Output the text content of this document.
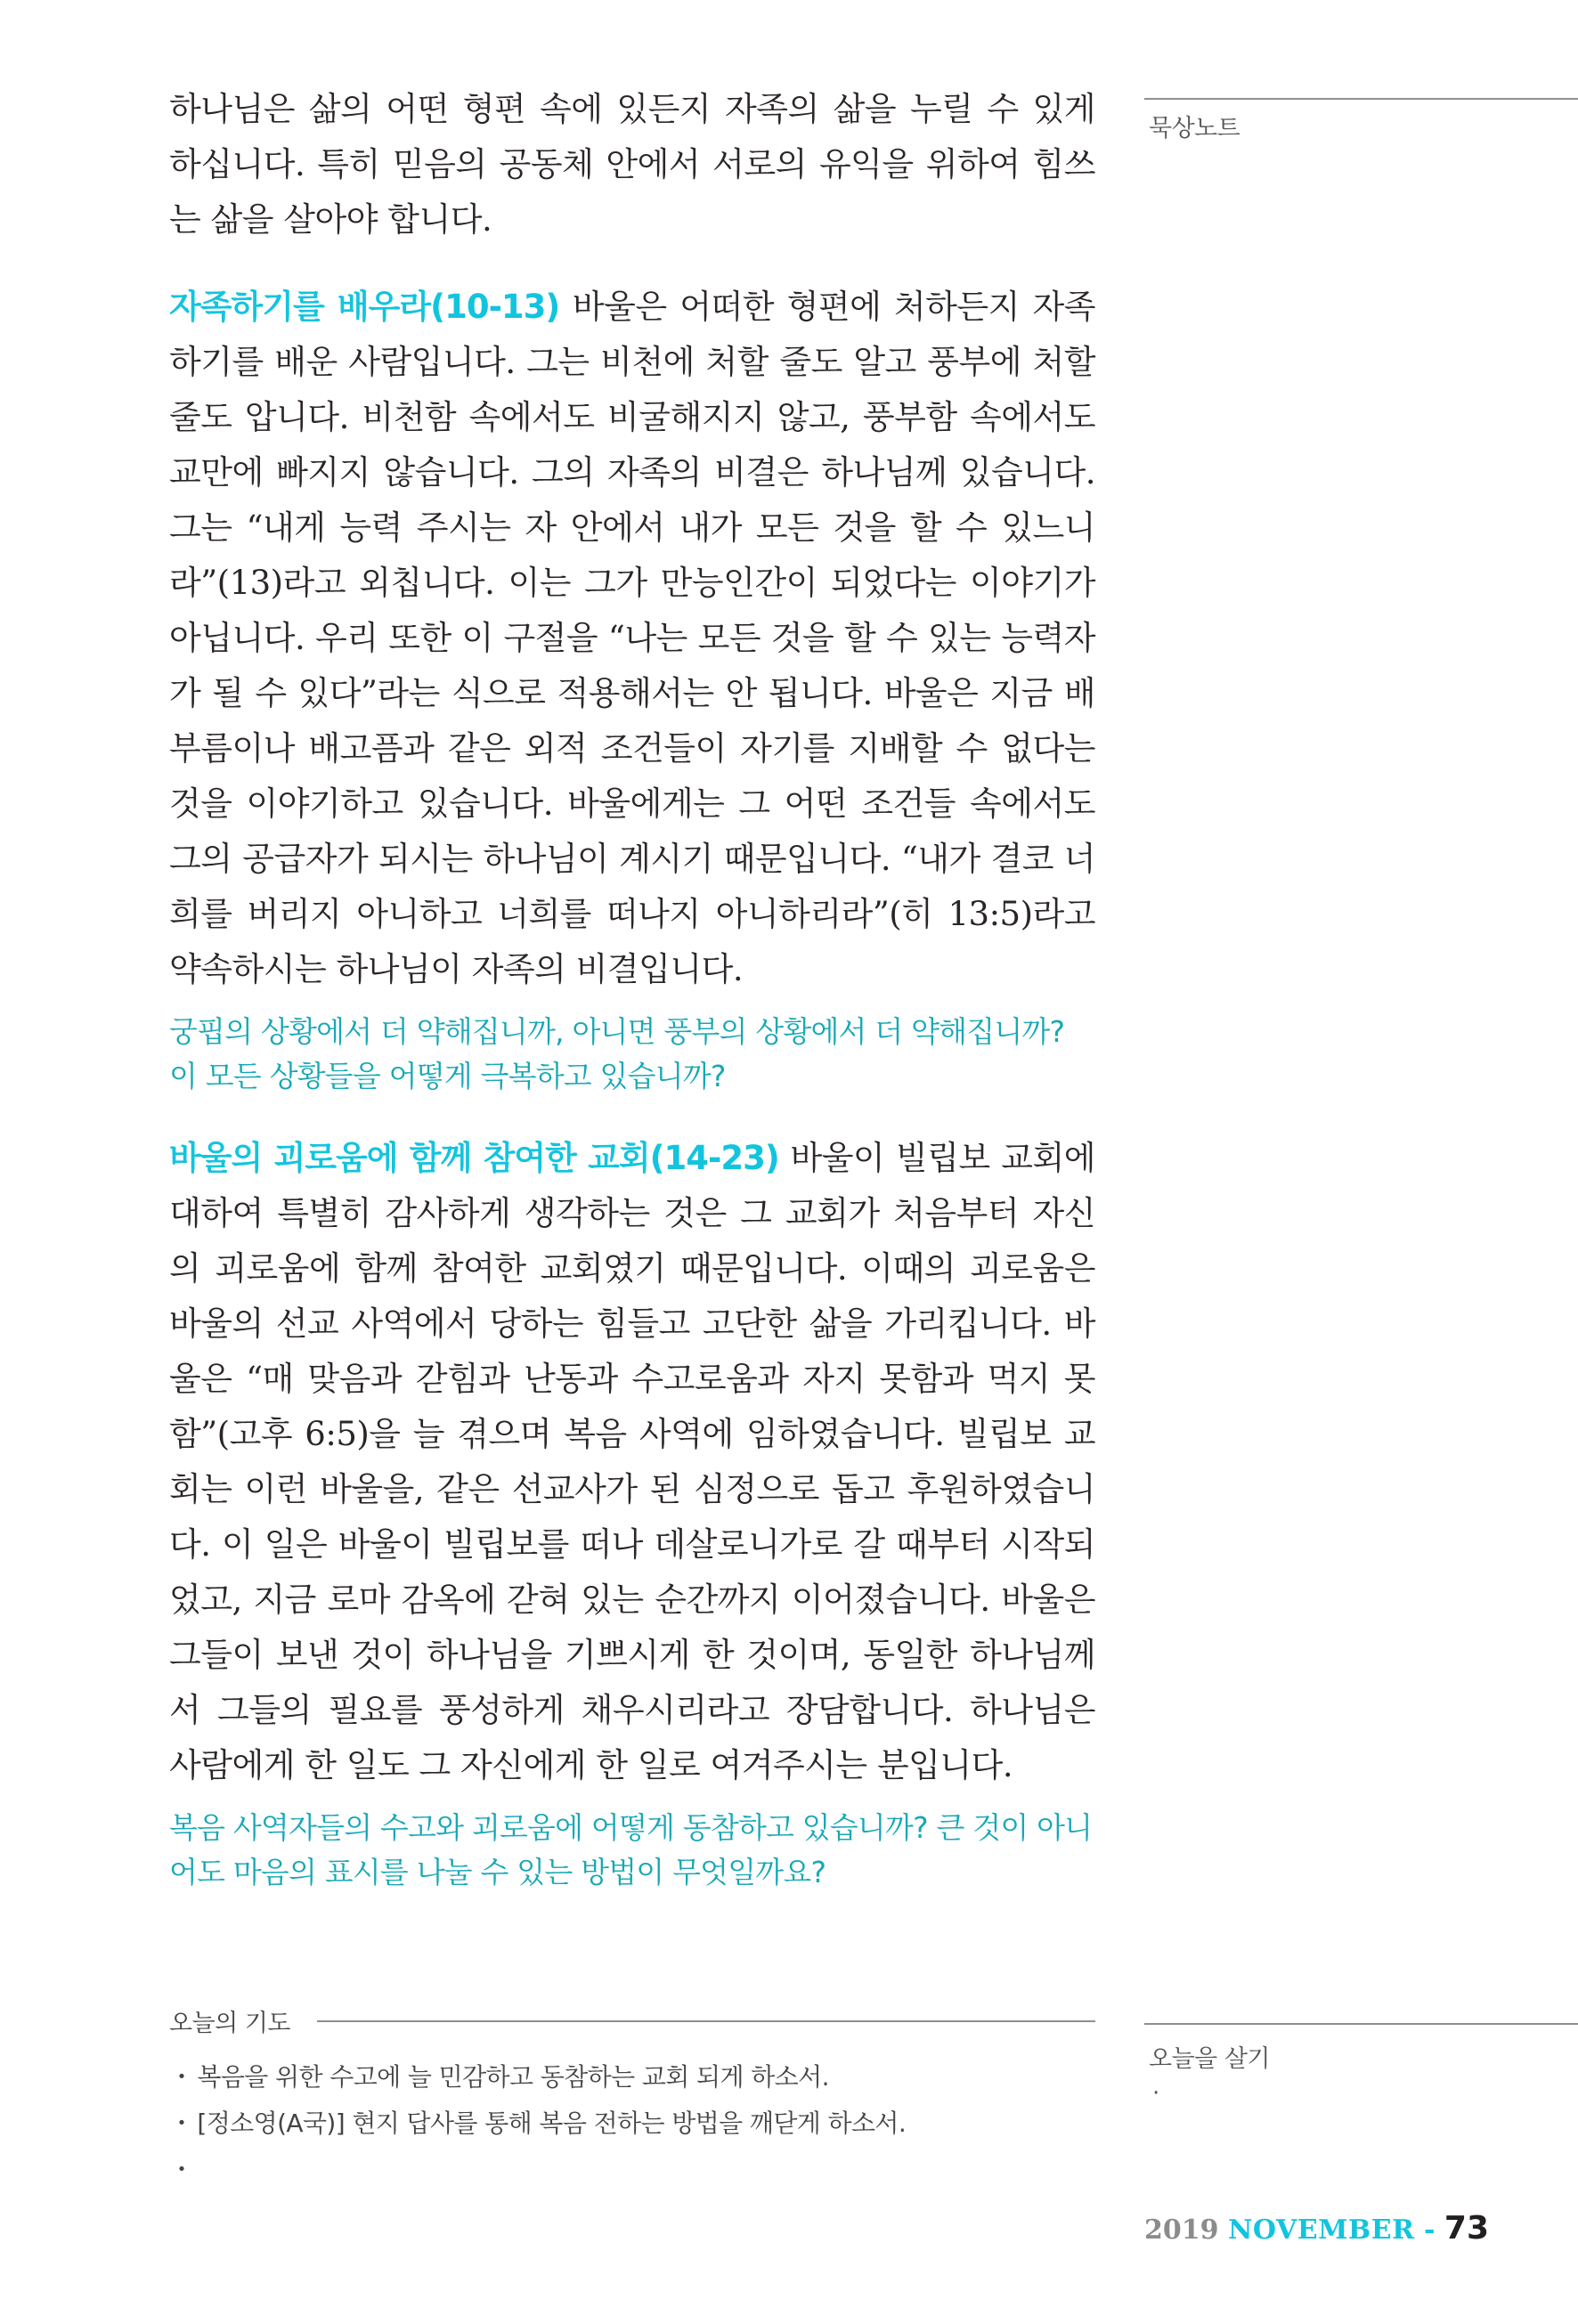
묵상노트
오늘을 살기
·

하나님은 삶의 어떤 형편 속에 있든지 자족의 삶을 누릴 수 있게 하십니다. 특히 믿음의 공동체 안에서 서로의 유익을 위하여 힘쓰는 삶을 살아야 합니다.

자족하기를 배우라(10-13) 바울은 어떠한 형편에 처하든지 자족하기를 배운 사람입니다. 그는 비천에 처할 줄도 알고 풍부에 처할 줄도 압니다. 비천함 속에서도 비굴해지지 않고, 풍부함 속에서도 교만에 빠지지 않습니다. 그의 자족의 비결은 하나님께 있습니다. 그는 “내게 능력 주시는 자 안에서 내가 모든 것을 할 수 있느니라”(13)라고 외칩니다. 이는 그가 만능인간이 되었다는 이야기가 아닙니다. 우리 또한 이 구절을 “나는 모든 것을 할 수 있는 능력자가 될 수 있다”라는 식으로 적용해서는 안 됩니다. 바울은 지금 배부름이나 배고픔과 같은 외적 조건들이 자기를 지배할 수 없다는 것을 이야기하고 있습니다. 바울에게는 그 어떤 조건들 속에서도 그의 공급자가 되시는 하나님이 계시기 때문입니다. “내가 결코 너희를 버리지 아니하고 너희를 떠나지 아니하리라”(히 13:5)라고 약속하시는 하나님이 자족의 비결입니다.

궁핍의 상황에서 더 약해집니까, 아니면 풍부의 상황에서 더 약해집니까? 이 모든 상황들을 어떻게 극복하고 있습니까?

바울의 괴로움에 함께 참여한 교회(14-23) 바울이 빌립보 교회에 대하여 특별히 감사하게 생각하는 것은 그 교회가 처음부터 자신의 괴로움에 함께 참여한 교회였기 때문입니다. 이때의 괴로움은 바울의 선교 사역에서 당하는 힘들고 고단한 삶을 가리킵니다. 바울은 “매 맞음과 갇힘과 난동과 수고로움과 자지 못함과 먹지 못함”(고후 6:5)을 늘 겪으며 복음 사역에 임하였습니다. 빌립보 교회는 이런 바울을, 같은 선교사가 된 심정으로 돕고 후원하였습니다. 이 일은 바울이 빌립보를 떠나 데살로니가로 갈 때부터 시작되었고, 지금 로마 감옥에 갇혀 있는 순간까지 이어졌습니다. 바울은 그들이 보낸 것이 하나님을 기쁘시게 한 것이며, 동일한 하나님께서 그들의 필요를 풍성하게 채우시리라고 장담합니다. 하나님은 사람에게 한 일도 그 자신에게 한 일로 여겨주시는 분입니다.

복음 사역자들의 수고와 괴로움에 어떻게 동참하고 있습니까? 큰 것이 아니어도 마음의 표시를 나눌 수 있는 방법이 무엇일까요?

오늘의 기도
・ 복음을 위한 수고에 늘 민감하고 동참하는 교회 되게 하소서.
・ [정소영(A국)] 현지 답사를 통해 복음 전하는 방법을 깨닫게 하소서.
・
2019 NOVEMBER - 73
